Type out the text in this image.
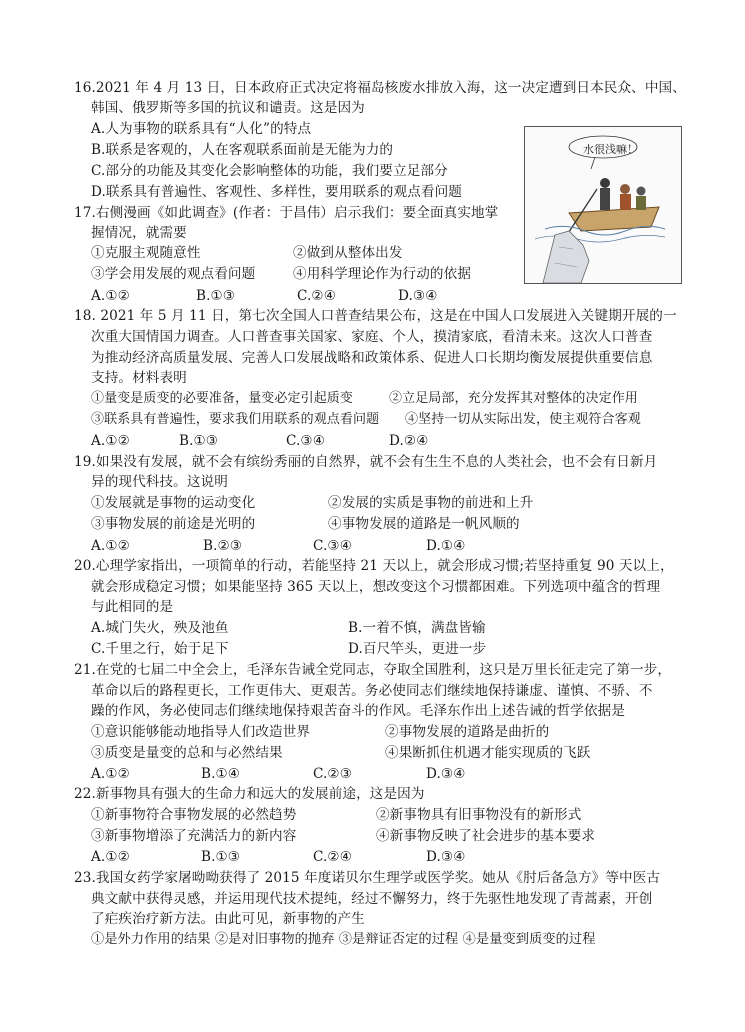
16.2021 年 4 月 13 日，日本政府正式决定将福岛核废水排放入海，这一决定遭到日本民众、中国、
韩国、俄罗斯等多国的抗议和谴责。这是因为
A.人为事物的联系具有“人化”的特点
B.联系是客观的，人在客观联系面前是无能为力的
C.部分的功能及其变化会影响整体的功能，我们要立足部分
D.联系具有普遍性、客观性、多样性，要用联系的观点看问题
水很浅嘛！
17.右侧漫画《如此调查》(作者：于昌伟）启示我们：要全面真实地掌
握情况，就需要
①克服主观随意性	②做到从整体出发
③学会用发展的观点看问题	④用科学理论作为行动的依据
A.①②	B.①③	C.②④	D.③④
18. 2021 年 5 月 11 日，第七次全国人口普查结果公布，这是在中国人口发展进入关键期开展的一
次重大国情国力调查。人口普查事关国家、家庭、个人，摸清家底，看清未来。这次人口普查
为推动经济高质量发展、完善人口发展战略和政策体系、促进人口长期均衡发展提供重要信息
支持。材料表明
①量变是质变的必要准备，量变必定引起质变	②立足局部，充分发挥其对整体的决定作用
③联系具有普遍性，要求我们用联系的观点看问题 ④坚持一切从实际出发，使主观符合客观
A.①②	B.①③	C.③④	D.②④
19.如果没有发展，就不会有缤纷秀丽的自然界，就不会有生生不息的人类社会，也不会有日新月
异的现代科技。这说明
①发展就是事物的运动变化	②发展的实质是事物的前进和上升
③事物发展的前途是光明的	④事物发展的道路是一帆风顺的
A.①②	B.②③	C.③④	D.①④
20.心理学家指出，一项简单的行动，若能坚持 21 天以上，就会形成习惯;若坚持重复 90 天以上，
就会形成稳定习惯；如果能坚持 365 天以上，想改变这个习惯都困难。下列选项中蕴含的哲理
与此相同的是
A.城门失火，殃及池鱼	B.一着不慎，满盘皆输
C.千里之行，始于足下	D.百尺竿头，更进一步
21.在党的七届二中全会上，毛泽东告诫全党同志，夺取全国胜利，这只是万里长征走完了第一步，
革命以后的路程更长，工作更伟大、更艰苦。务必使同志们继续地保持谦虚、谨慎、不骄、不
躁的作风，务必使同志们继续地保持艰苦奋斗的作风。毛泽东作出上述告诫的哲学依据是
①意识能够能动地指导人们改造世界	②事物发展的道路是曲折的
③质变是量变的总和与必然结果	④果断抓住机遇才能实现质的飞跃
A.①②	B.①④	C.②③	D.③④
22.新事物具有强大的生命力和远大的发展前途，这是因为
①新事物符合事物发展的必然趋势	②新事物具有旧事物没有的新形式
③新事物增添了充满活力的新内容	④新事物反映了社会进步的基本要求
A.①②	B.①③	C.②④	D.③④
23.我国女药学家屠呦呦获得了 2015 年度诺贝尔生理学或医学奖。她从《肘后备急方》等中医古
典文献中获得灵感，并运用现代技术提纯，经过不懈努力，终于先驱性地发现了青蒿素，开创
了疟疾治疗新方法。由此可见，新事物的产生
①是外力作用的结果 ②是对旧事物的抛弃 ③是辩证否定的过程 ④是量变到质变的过程
